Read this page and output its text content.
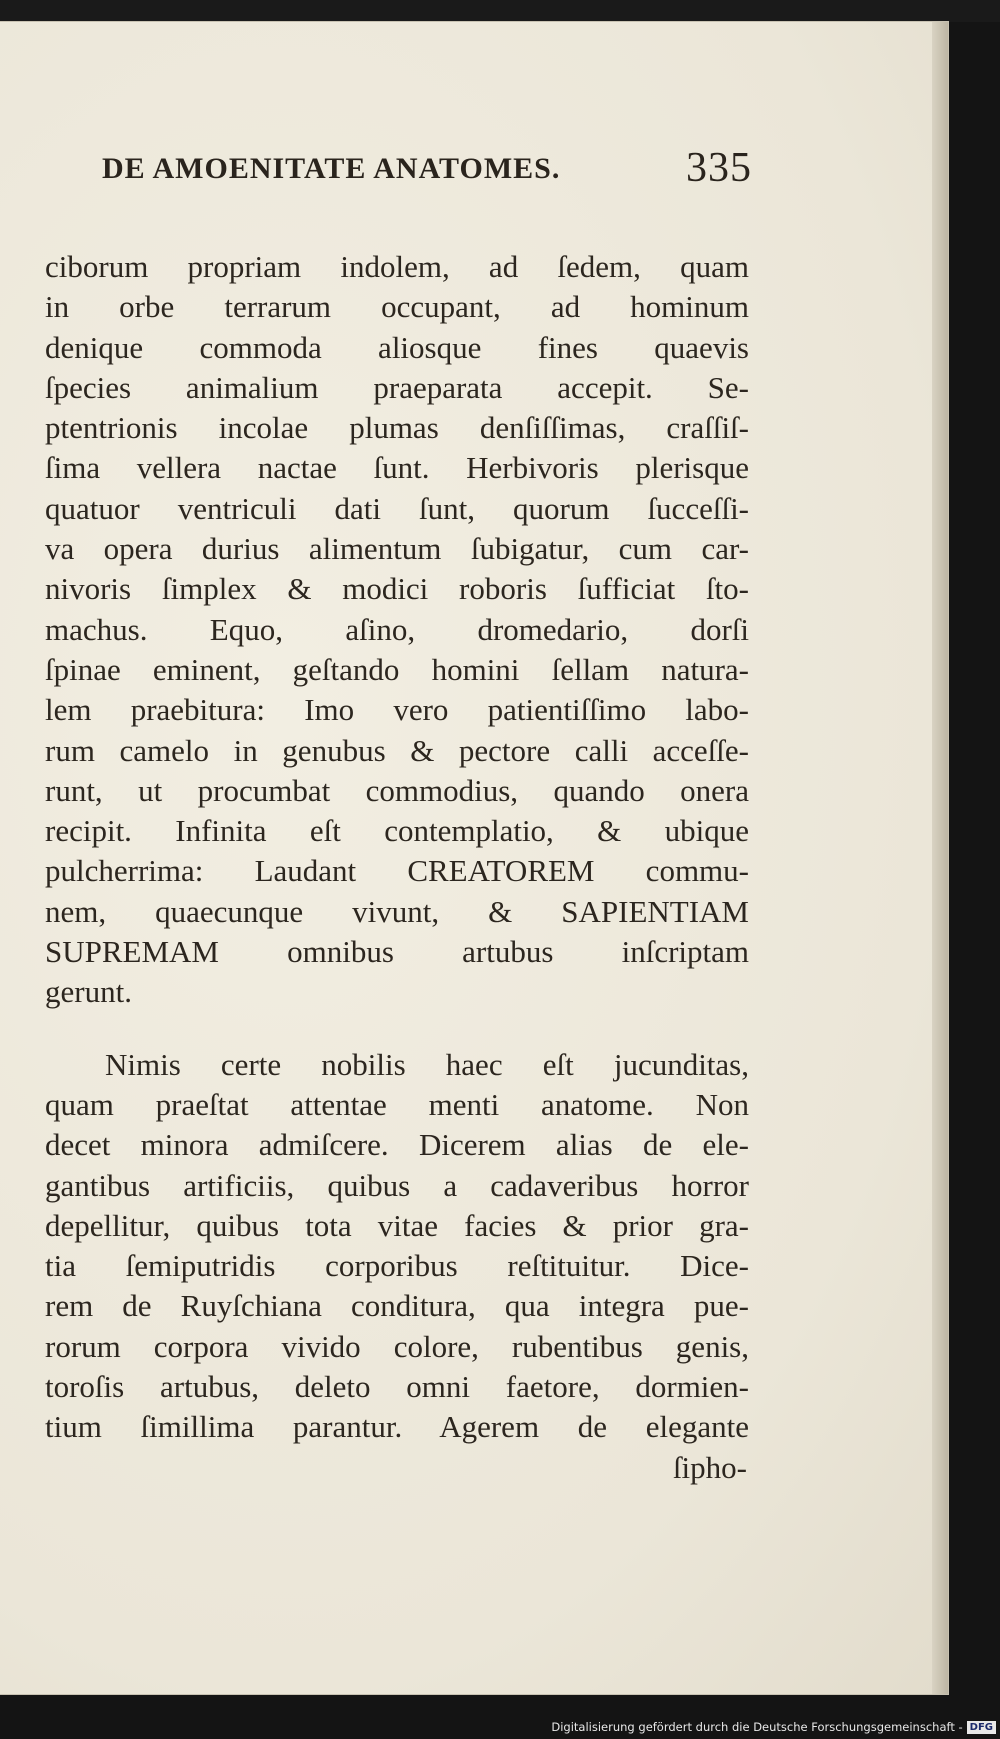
DE AMOENITATE ANATOMES.	335
ciborum propriam indolem, ad ſedem, quam
in orbe terrarum occupant, ad hominum
denique commoda aliosque fines quaevis
ſpecies animalium praeparata accepit. Se-
ptentrionis incolae plumas denſiſſimas, craſſiſ-
ſima vellera nactae ſunt. Herbivoris plerisque
quatuor ventriculi dati ſunt, quorum ſucceſſi-
va opera durius alimentum ſubigatur, cum car-
nivoris ſimplex & modici roboris ſufficiat ſto-
machus. Equo, aſino, dromedario, dorſi
ſpinae eminent, geſtando homini ſellam natura-
lem praebitura: Imo vero patientiſſimo labo-
rum camelo in genubus & pectore calli acceſſe-
runt, ut procumbat commodius, quando onera
recipit. Infinita eſt contemplatio, & ubique
pulcherrima: Laudant CREATOREM commu-
nem, quaecunque vivunt, & SAPIENTIAM
SUPREMAM omnibus artubus inſcriptam
gerunt.
Nimis certe nobilis haec eſt jucunditas,
quam praeſtat attentae menti anatome. Non
decet minora admiſcere. Dicerem alias de ele-
gantibus artificiis, quibus a cadaveribus horror
depellitur, quibus tota vitae facies & prior gra-
tia ſemiputridis corporibus reſtituitur. Dice-
rem de Ruyſchiana conditura, qua integra pue-
rorum corpora vivido colore, rubentibus genis,
toroſis artubus, deleto omni faetore, dormien-
tium ſimillima parantur. Agerem de elegante
ſipho-
Digitalisierung gefördert durch die Deutsche Forschungsgemeinschaft - DFG
